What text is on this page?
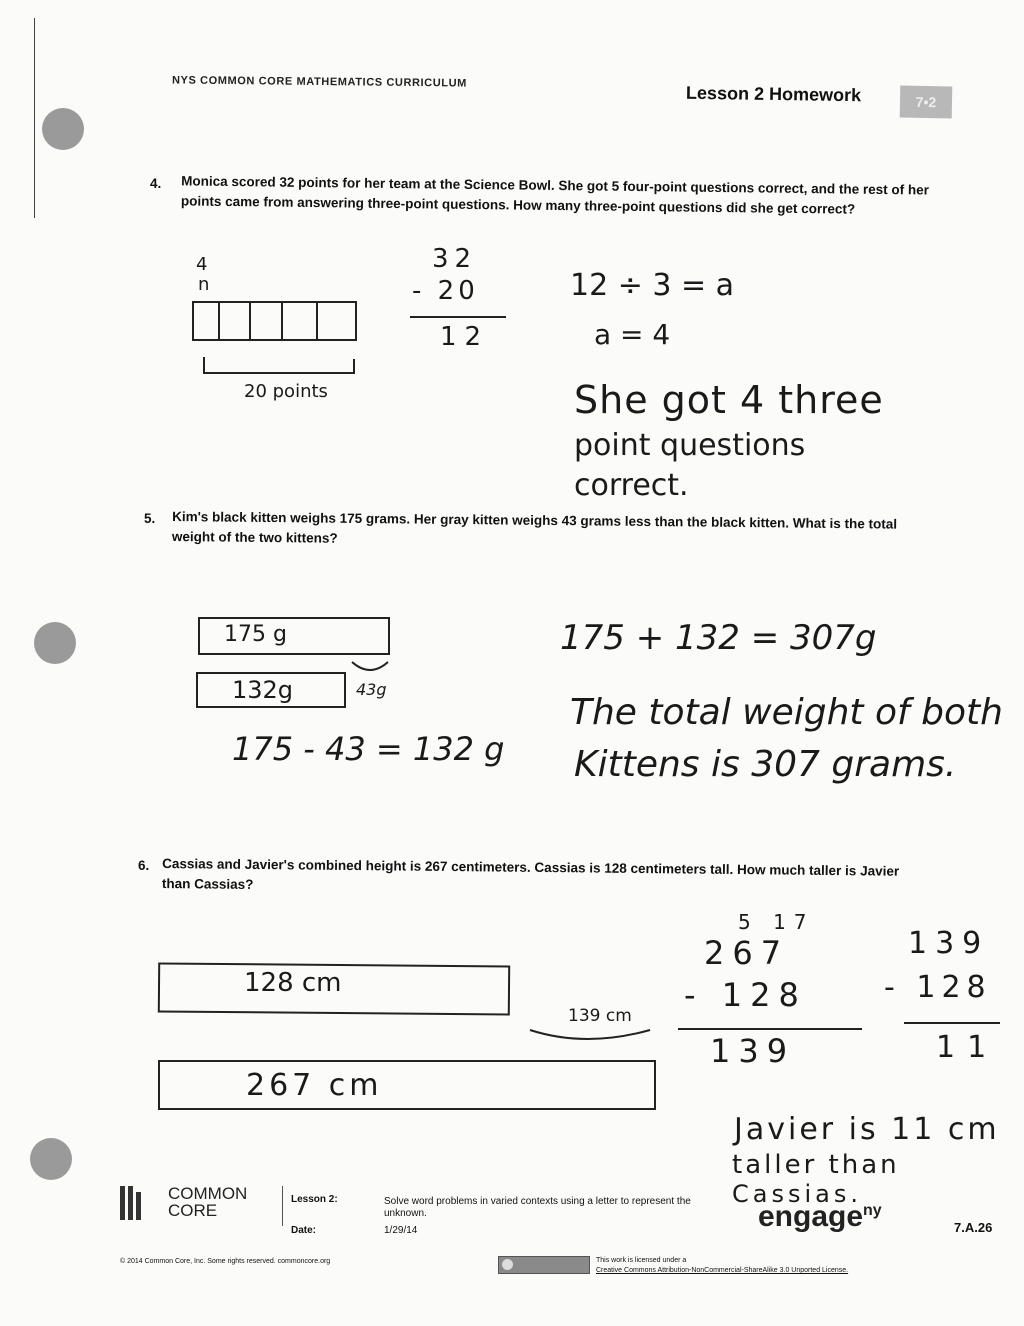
NYS COMMON CORE MATHEMATICS CURRICULUM
Lesson 2 Homework	7•2
4. Monica scored 32 points for her team at the Science Bowl. She got 5 four-point questions correct, and the rest of her points came from answering three-point questions. How many three-point questions did she get correct?
4
n
20 points
32
- 20
12
12 ÷ 3 = a
a = 4
She got 4 three
point questions
correct.
5. Kim's black kitten weighs 175 grams. Her gray kitten weighs 43 grams less than the black kitten. What is the total weight of the two kittens?
175 g
132g	43g
175 - 43 = 132 g
175 + 132 = 307g
The total weight of both
Kittens is 307 grams.
6. Cassias and Javier's combined height is 267 centimeters. Cassias is 128 centimeters tall. How much taller is Javier than Cassias?
128 cm
267 cm
139 cm
5 17
267
- 128
139
139
- 128
11
Javier is 11 cm
taller than
Cassias.
COMMON
CORE
Lesson 2:
Date:
Solve word problems in varied contexts using a letter to represent the unknown.
1/29/14	engage$^{ny}$
7.A.26
© 2014 Common Core, Inc. Some rights reserved. commoncore.org	This work is licensed under a
Creative Commons Attribution-NonCommercial-ShareAlike 3.0 Unported License.
